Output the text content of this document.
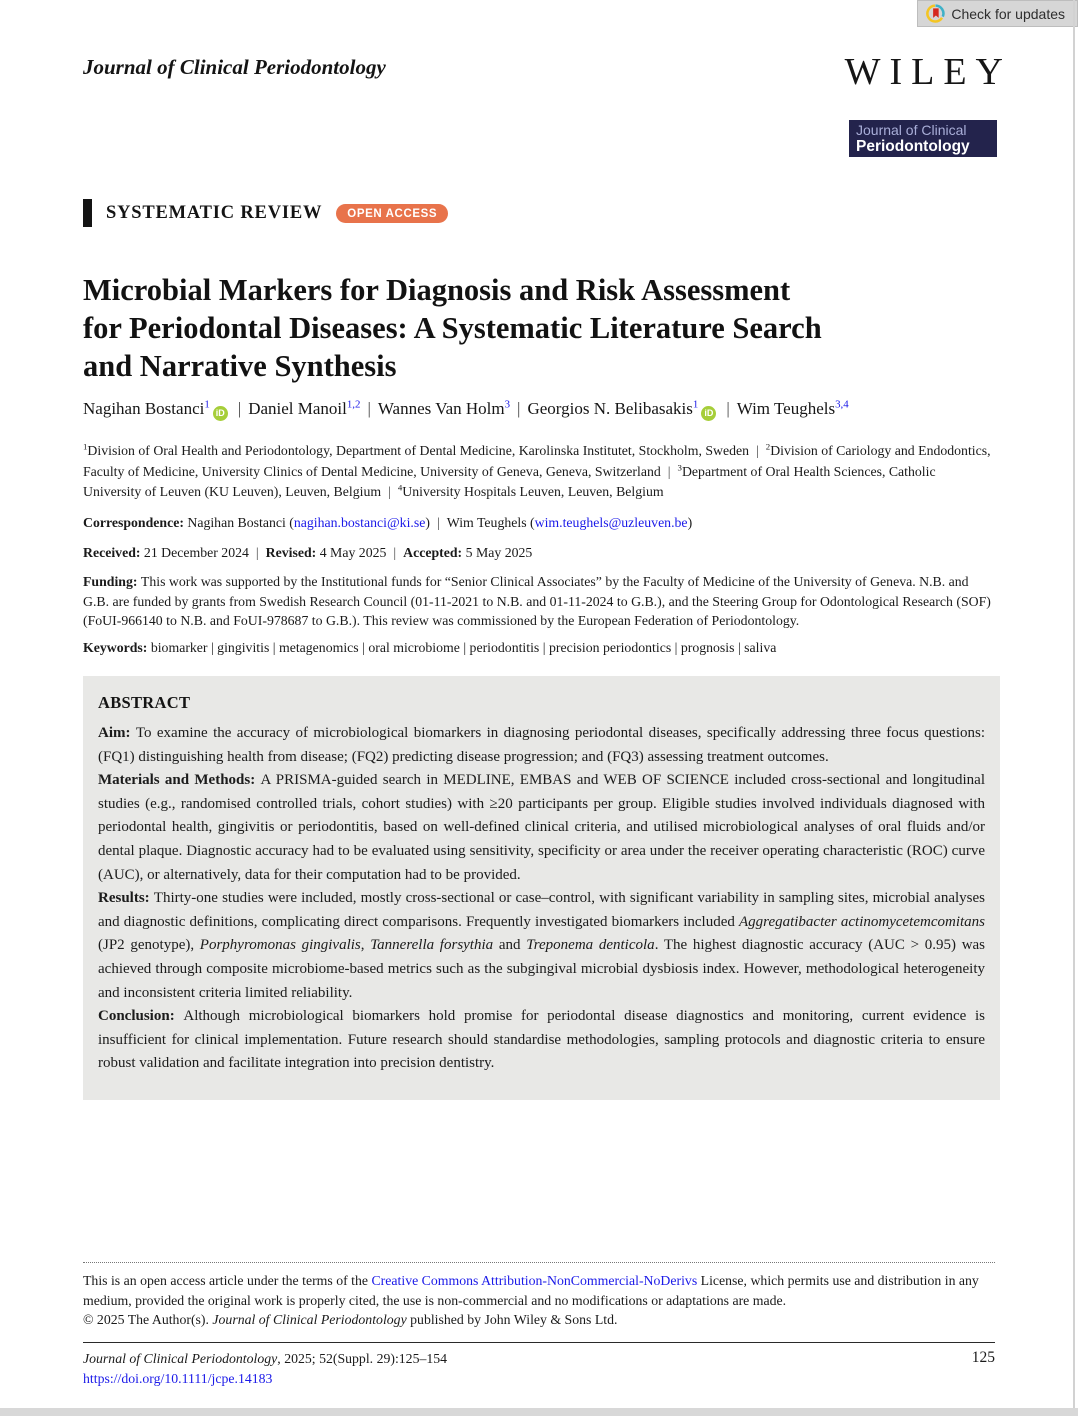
Check for updates
Journal of Clinical Periodontology	WILEY
Journal of Clinical
Periodontology
SYSTEMATIC REVIEW	OPEN ACCESS
Microbial Markers for Diagnosis and Risk Assessment
for Periodontal Diseases: A Systematic Literature Search
and Narrative Synthesis
Nagihan Bostanci$^1$iD | Daniel Manoil$^{1,2}$ | Wannes Van Holm$^3$ | Georgios N. Belibasakis$^1$iD | Wim Teughels$^{3,4}$
$^1$Division of Oral Health and Periodontology, Department of Dental Medicine, Karolinska Institutet, Stockholm, Sweden | $^2$Division of Cariology and Endodontics, Faculty of Medicine, University Clinics of Dental Medicine, University of Geneva, Geneva, Switzerland | $^3$Department of Oral Health Sciences, Catholic University of Leuven (KU Leuven), Leuven, Belgium | $^4$University Hospitals Leuven, Leuven, Belgium
Correspondence: Nagihan Bostanci (nagihan.bostanci@ki.se) | Wim Teughels (wim.teughels@uzleuven.be)
Received: 21 December 2024 | Revised: 4 May 2025 | Accepted: 5 May 2025
Funding: This work was supported by the Institutional funds for “Senior Clinical Associates” by the Faculty of Medicine of the University of Geneva. N.B. and G.B. are funded by grants from Swedish Research Council (01-11-2021 to N.B. and 01-11-2024 to G.B.), and the Steering Group for Odontological Research (SOF) (FoUI-966140 to N.B. and FoUI-978687 to G.B.). This review was commissioned by the European Federation of Periodontology.
Keywords: biomarker | gingivitis | metagenomics | oral microbiome | periodontitis | precision periodontics | prognosis | saliva
ABSTRACT

Aim: To examine the accuracy of microbiological biomarkers in diagnosing periodontal diseases, specifically addressing three focus questions: (FQ1) distinguishing health from disease; (FQ2) predicting disease progression; and (FQ3) assessing treatment outcomes.

Materials and Methods: A PRISMA-guided search in MEDLINE, EMBAS and WEB OF SCIENCE included cross-sectional and longitudinal studies (e.g., randomised controlled trials, cohort studies) with ≥20 participants per group. Eligible studies involved individuals diagnosed with periodontal health, gingivitis or periodontitis, based on well-defined clinical criteria, and utilised microbiological analyses of oral fluids and/or dental plaque. Diagnostic accuracy had to be evaluated using sensitivity, specificity or area under the receiver operating characteristic (ROC) curve (AUC), or alternatively, data for their computation had to be provided.

Results: Thirty-one studies were included, mostly cross-sectional or case–control, with significant variability in sampling sites, microbial analyses and diagnostic definitions, complicating direct comparisons. Frequently investigated biomarkers included Aggregatibacter actinomycetemcomitans (JP2 genotype), Porphyromonas gingivalis, Tannerella forsythia and Treponema denticola. The highest diagnostic accuracy (AUC > 0.95) was achieved through composite microbiome-based metrics such as the subgingival microbial dysbiosis index. However, methodological heterogeneity and inconsistent criteria limited reliability.

Conclusion: Although microbiological biomarkers hold promise for periodontal disease diagnostics and monitoring, current evidence is insufficient for clinical implementation. Future research should standardise methodologies, sampling protocols and diagnostic criteria to ensure robust validation and facilitate integration into precision dentistry.

This is an open access article under the terms of the Creative Commons Attribution-NonCommercial-NoDerivs License, which permits use and distribution in any medium, provided the original work is properly cited, the use is non-commercial and no modifications or adaptations are made.
© 2025 The Author(s). Journal of Clinical Periodontology published by John Wiley & Sons Ltd.
Journal of Clinical Periodontology, 2025; 52(Suppl. 29):125–154
https://doi.org/10.1111/jcpe.14183
125
